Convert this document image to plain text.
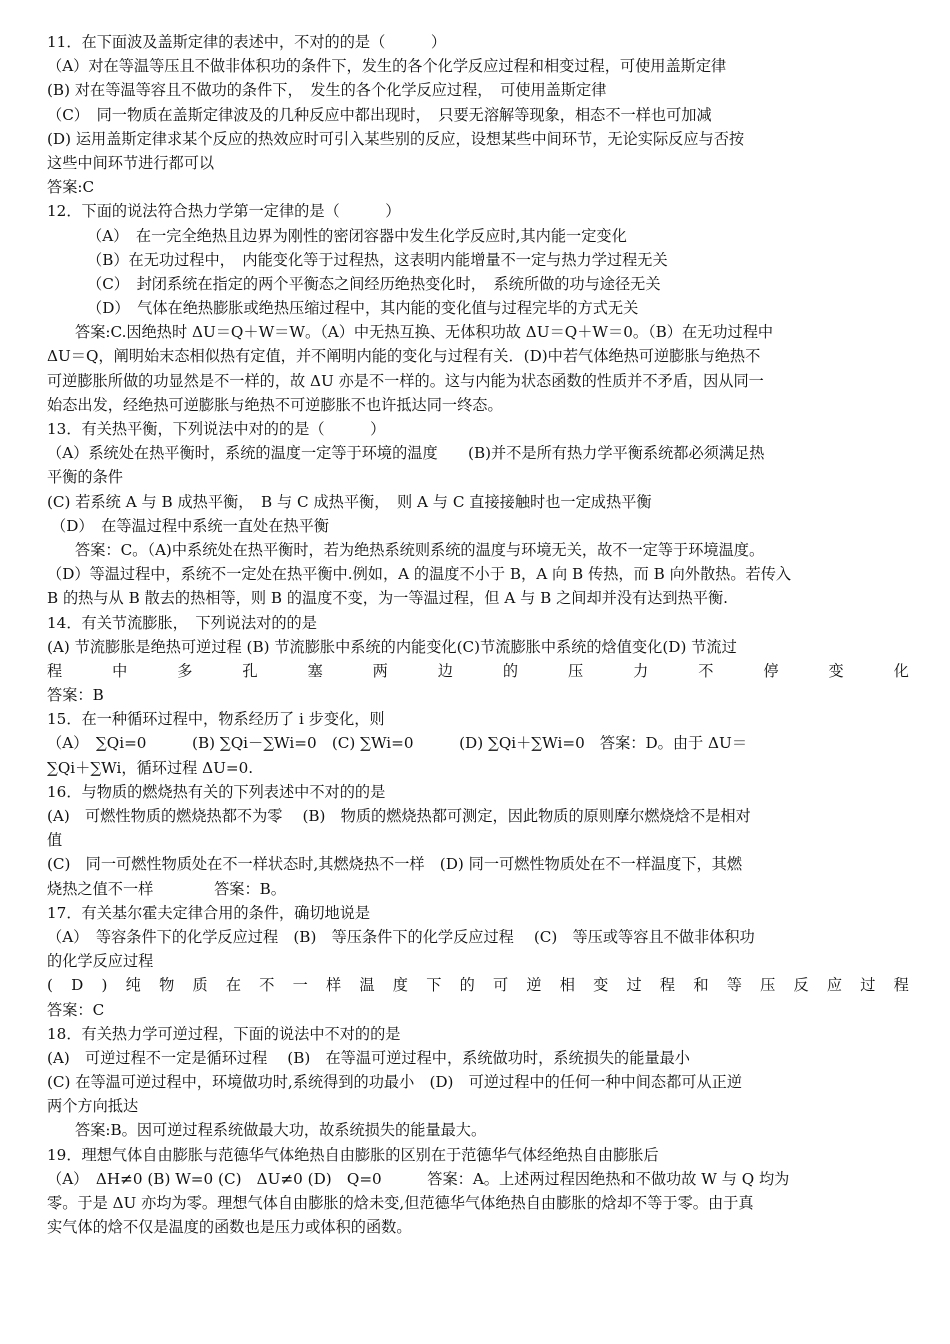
11．在下面波及盖斯定律的表述中，不对的的是（　　　）
（A）对在等温等压且不做非体积功的条件下，发生的各个化学反应过程和相变过程，可使用盖斯定律
(B) 对在等温等容且不做功的条件下，　发生的各个化学反应过程，　可使用盖斯定律
（C）　同一物质在盖斯定律波及的几种反应中都出现时，　只要无溶解等现象，相态不一样也可加减
(D) 运用盖斯定律求某个反应的热效应时可引入某些别的反应，设想某些中间环节，无论实际反应与否按
这些中间环节进行都可以
答案:C
12．下面的说法符合热力学第一定律的是（　　　）
（A）　在一完全绝热且边界为刚性的密闭容器中发生化学反应时,其内能一定变化
（B）在无功过程中，　内能变化等于过程热，这表明内能增量不一定与热力学过程无关
（C）　封闭系统在指定的两个平衡态之间经历绝热变化时，　系统所做的功与途径无关
（D）　气体在绝热膨胀或绝热压缩过程中，其内能的变化值与过程完毕的方式无关
答案:C.因绝热时 ΔU＝Q＋W＝W。（A）中无热互换、无体积功故 ΔU＝Q＋W＝0。（B）在无功过程中
ΔU＝Q，阐明始末态相似热有定值，并不阐明内能的变化与过程有关．(D)中若气体绝热可逆膨胀与绝热不
可逆膨胀所做的功显然是不一样的，故 ΔU 亦是不一样的。这与内能为状态函数的性质并不矛盾，因从同一
始态出发，经绝热可逆膨胀与绝热不可逆膨胀不也许抵达同一终态。
13．有关热平衡，下列说法中对的的是（　　　）
（A）系统处在热平衡时，系统的温度一定等于环境的温度　　(B)并不是所有热力学平衡系统都必须满足热
平衡的条件
(C) 若系统 A 与 B 成热平衡，　B 与 C 成热平衡，　则 A 与 C 直接接触时也一定成热平衡
（D）　在等温过程中系统一直处在热平衡
答案：C。（A)中系统处在热平衡时，若为绝热系统则系统的温度与环境无关，故不一定等于环境温度。
（D）等温过程中，系统不一定处在热平衡中.例如，A 的温度不小于 B，A 向 B 传热，而 B 向外散热。若传入
B 的热与从 B 散去的热相等，则 B 的温度不变，为一等温过程，但 A 与 B 之间却并没有达到热平衡.
14．有关节流膨胀，　下列说法对的的是
(A) 节流膨胀是绝热可逆过程 (B) 节流膨胀中系统的内能变化(C)节流膨胀中系统的焓值变化(D) 节流过
程	中	多	孔	塞	两	边	的	压	力	不	停	变	化
答案：B
15．在一种循环过程中，物系经历了 i 步变化，则
（A）　∑Qi=0　　　(B) ∑Qi－∑Wi=0　(C) ∑Wi=0　　　(D) ∑Qi＋∑Wi=0　答案：D。由于 ΔU＝
∑Qi＋∑Wi，循环过程 ΔU=0.
16．与物质的燃烧热有关的下列表述中不对的的是
(A)　可燃性物质的燃烧热都不为零　 (B)　物质的燃烧热都可测定，因此物质的原则摩尔燃烧焓不是相对
值
(C)　同一可燃性物质处在不一样状态时,其燃烧热不一样　(D) 同一可燃性物质处在不一样温度下，其燃
烧热之值不一样　　　　答案：B。
17．有关基尔霍夫定律合用的条件，确切地说是
（A）　等容条件下的化学反应过程　(B)　等压条件下的化学反应过程　 (C)　等压或等容且不做非体积功
的化学反应过程
( D ) 纯 物 质 在 不 一 样 温 度 下 的 可 逆 相 变 过 程 和 等 压 反 应 过 程
答案：C
18．有关热力学可逆过程，下面的说法中不对的的是
(A)　可逆过程不一定是循环过程　 (B)　在等温可逆过程中，系统做功时，系统损失的能量最小
(C) 在等温可逆过程中，环境做功时,系统得到的功最小　(D)　可逆过程中的任何一种中间态都可从正逆
两个方向抵达
答案:B。因可逆过程系统做最大功，故系统损失的能量最大。
19．理想气体自由膨胀与范德华气体绝热自由膨胀的区别在于范德华气体经绝热自由膨胀后
（A）　ΔH≠0 (B) W=0 (C)　ΔU≠0 (D)　Q=0　　　答案：A。上述两过程因绝热和不做功故 W 与 Q 均为
零。于是 ΔU 亦均为零。理想气体自由膨胀的焓未变,但范德华气体绝热自由膨胀的焓却不等于零。由于真
实气体的焓不仅是温度的函数也是压力或体积的函数。
